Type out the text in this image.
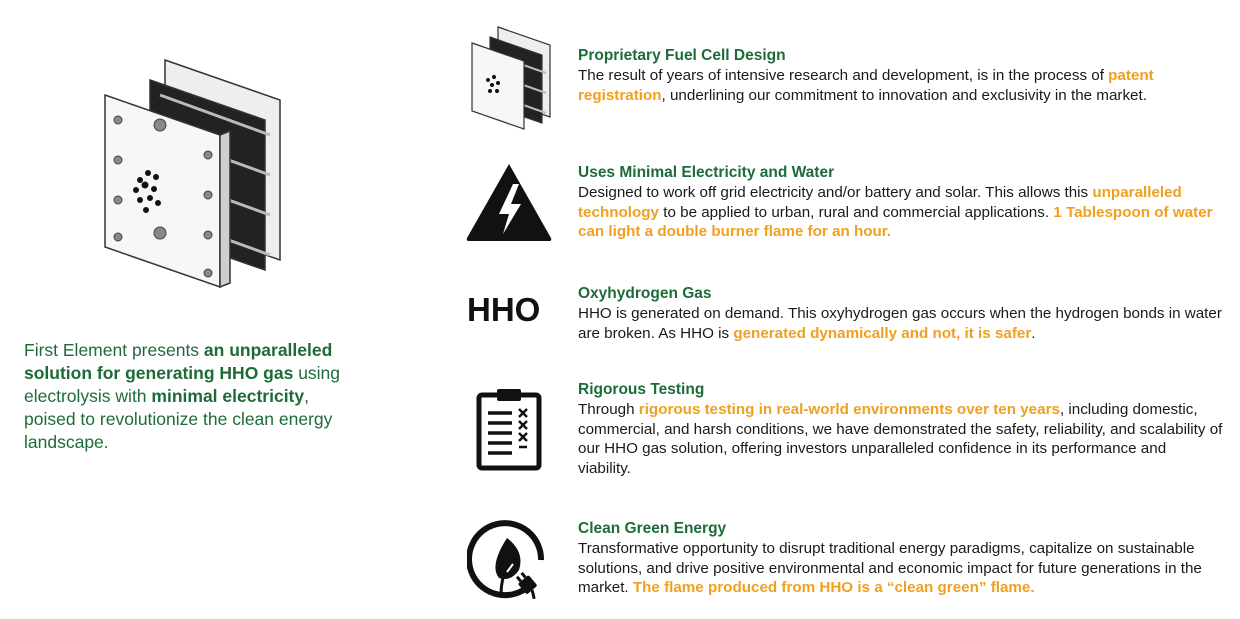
First Element presents an unparalleled solution for generating HHO gas using electrolysis with minimal electricity, poised to revolutionize the clean energy landscape.
HHO
Proprietary Fuel Cell Design
The result of years of intensive research and development, is in the process of patent registration, underlining our commitment to innovation and exclusivity in the market.
Uses Minimal Electricity and Water
Designed to work off grid electricity and/or battery and solar. This allows this unparalleled technology to be applied to urban, rural and commercial applications. 1 Tablespoon of water can light a double burner flame for an hour.
Oxyhydrogen Gas
HHO is generated on demand. This oxyhydrogen gas occurs when the hydrogen bonds in water are broken. As HHO is generated dynamically and not, it is safer.
Rigorous Testing
Through rigorous testing in real-world environments over ten years, including domestic, commercial, and harsh conditions, we have demonstrated the safety, reliability, and scalability of our HHO gas solution, offering investors unparalleled confidence in its performance and viability.
Clean Green Energy
Transformative opportunity to disrupt traditional energy paradigms, capitalize on sustainable solutions, and drive positive environmental and economic impact for future generations in the market. The flame produced from HHO is a “clean green” flame.
